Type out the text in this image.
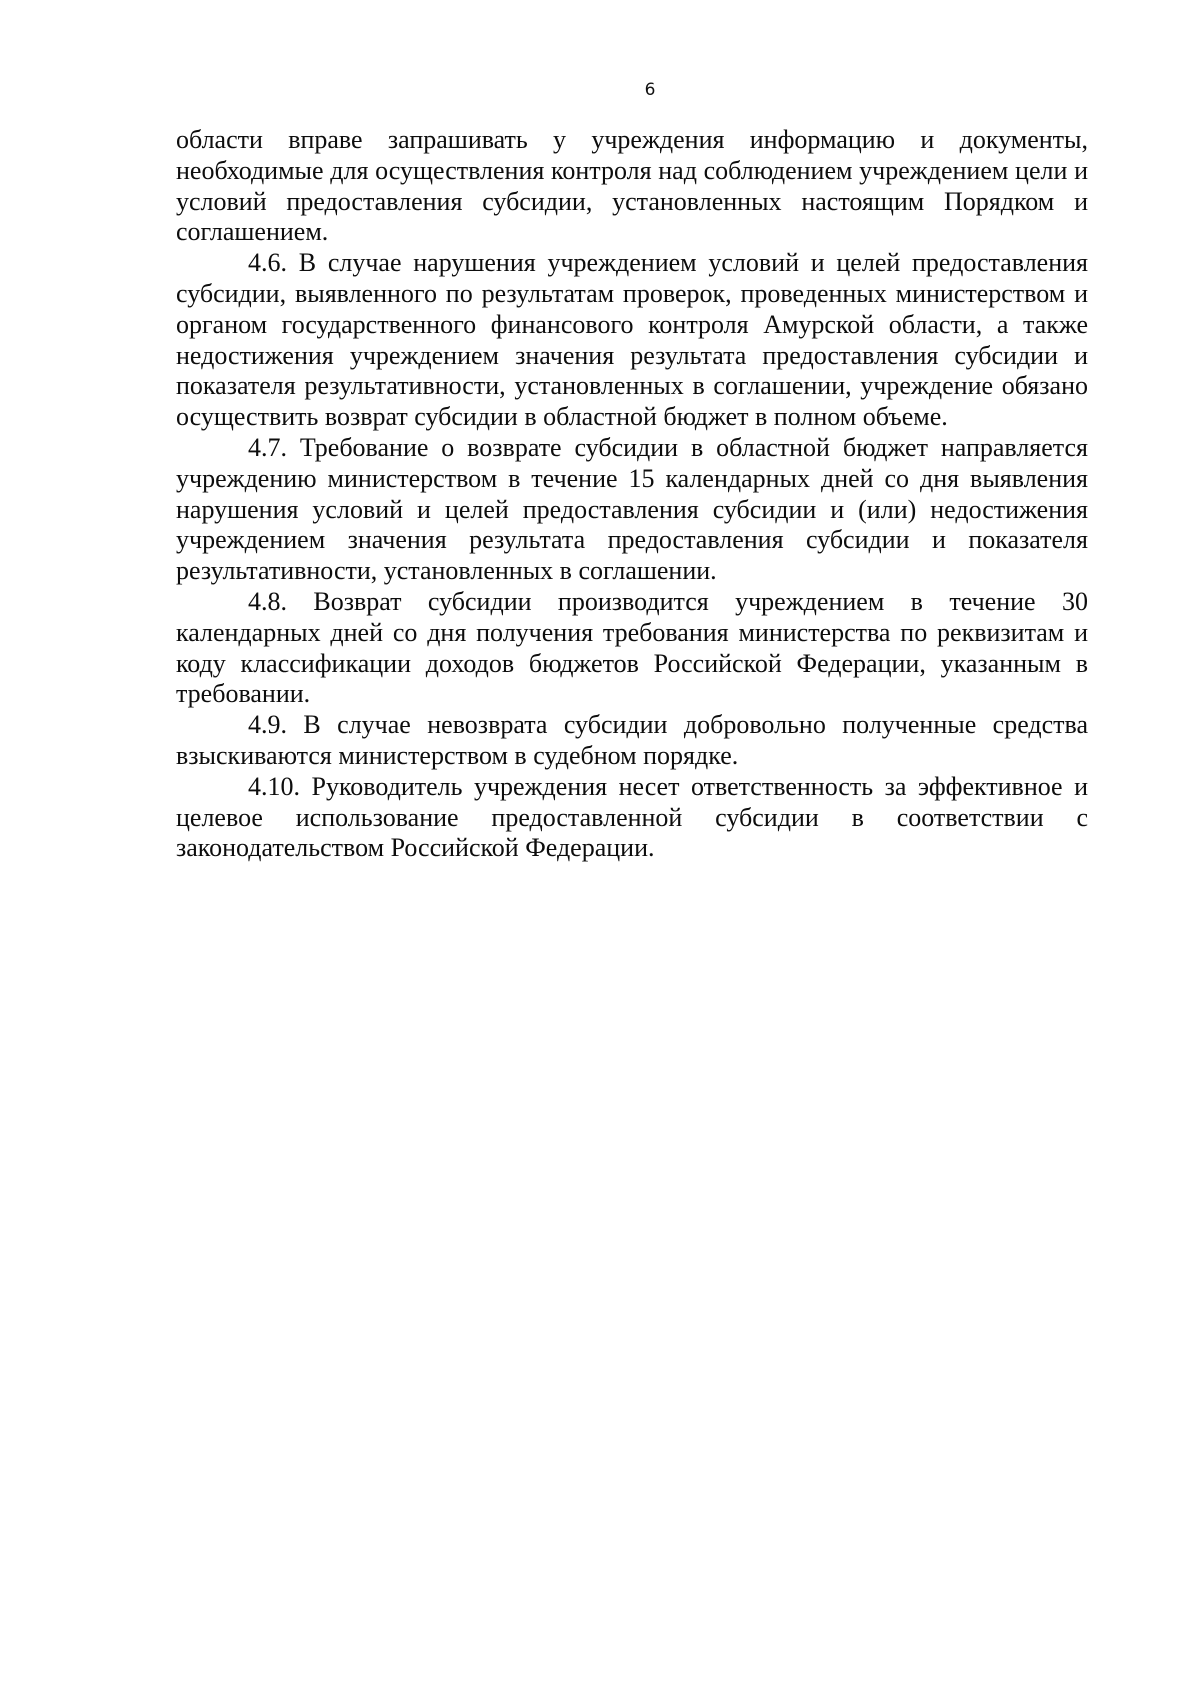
6

области вправе запрашивать у учреждения информацию и документы, необходимые для осуществления контроля над соблюдением учреждением цели и условий предоставления субсидии, установленных настоящим Порядком и соглашением.

4.6. В случае нарушения учреждением условий и целей предоставления субсидии, выявленного по результатам проверок, проведенных министерством и органом государственного финансового контроля Амурской области, а также недостижения учреждением значения результата предоставления субсидии и показателя результативности, установленных в соглашении, учреждение обязано осуществить возврат субсидии в областной бюджет в полном объеме.

4.7. Требование о возврате субсидии в областной бюджет направляется учреждению министерством в течение 15 календарных дней со дня выявления нарушения условий и целей предоставления субсидии и (или) недостижения учреждением значения результата предоставления субсидии и показателя результативности, установленных в соглашении.

4.8. Возврат субсидии производится учреждением в течение 30 календарных дней со дня получения требования министерства по реквизитам и коду классификации доходов бюджетов Российской Федерации, указанным в требовании.

4.9. В случае невозврата субсидии добровольно полученные средства взыскиваются министерством в судебном порядке.

4.10. Руководитель учреждения несет ответственность за эффективное и целевое использование предоставленной субсидии в соответствии с законодательством Российской Федерации.
